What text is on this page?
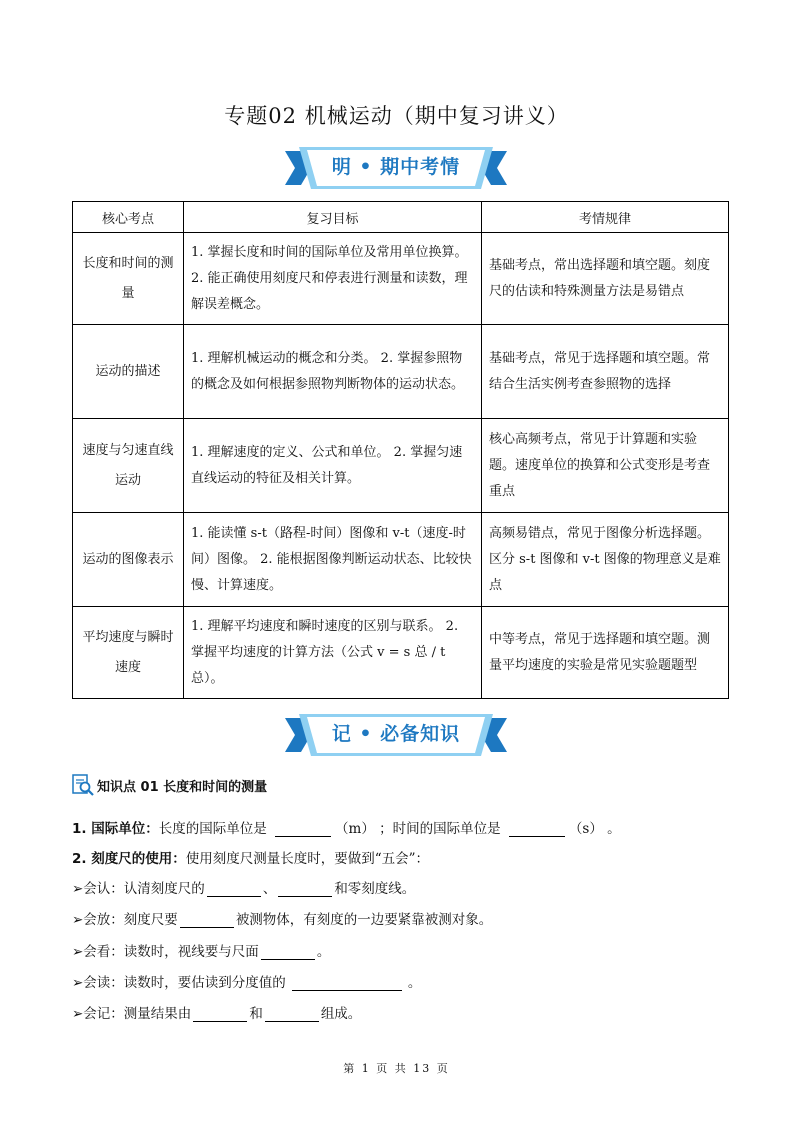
专题02 机械运动（期中复习讲义）
明 • 期中考情
核心考点	复习目标	考情规律
长度和时间的测量	1. 掌握长度和时间的国际单位及常用单位换算。 2. 能正确使用刻度尺和停表进行测量和读数，理解误差概念。	基础考点，常出选择题和填空题。刻度尺的估读和特殊测量方法是易错点
运动的描述	1. 理解机械运动的概念和分类。 2. 掌握参照物的概念及如何根据参照物判断物体的运动状态。	基础考点，常见于选择题和填空题。常结合生活实例考查参照物的选择
速度与匀速直线运动	1. 理解速度的定义、公式和单位。 2. 掌握匀速直线运动的特征及相关计算。	核心高频考点，常见于计算题和实验题。速度单位的换算和公式变形是考查重点
运动的图像表示	1. 能读懂 s-t（路程-时间）图像和 v-t（速度-时间）图像。 2. 能根据图像判断运动状态、比较快慢、计算速度。	高频易错点，常见于图像分析选择题。区分 s-t 图像和 v-t 图像的物理意义是难点
平均速度与瞬时速度	1. 理解平均速度和瞬时速度的区别与联系。 2. 掌握平均速度的计算方法（公式 v = s 总 / t 总）。	中等考点，常见于选择题和填空题。测量平均速度的实验是常见实验题题型
记 • 必备知识
知识点 01 长度和时间的测量
1. 国际单位：长度的国际单位是	（m） ；时间的国际单位是	（s） 。
2. 刻度尺的使用：使用刻度尺测量长度时，要做到“五会”：
➢会认：认清刻度尺的	、	和零刻度线。
➢会放：刻度尺要	被测物体，有刻度的一边要紧靠被测对象。
➢会看：读数时，视线要与尺面	。
➢会读：读数时，要估读到分度值的	。
➢会记：测量结果由	和	组成。
第 1 页 共 13 页
